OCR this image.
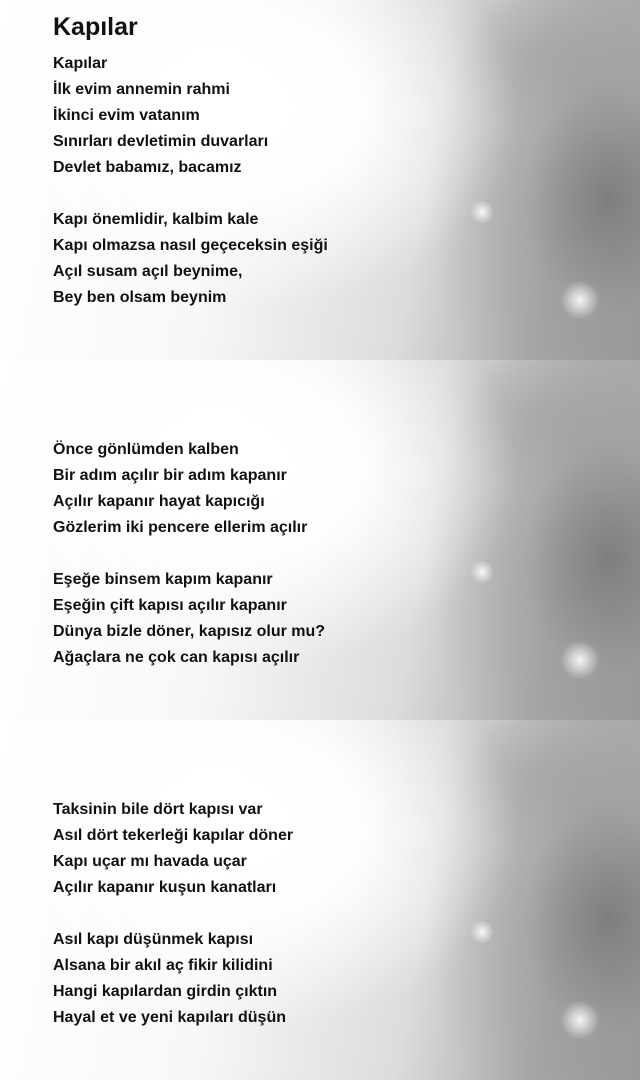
Kapılar
Kapılar
İlk evim annemin rahmi
İkinci evim vatanım
Sınırları devletimin duvarları
Devlet babamız, bacamız
Kapı önemlidir, kalbim kale
Kapı olmazsa nasıl geçeceksin eşiği
Açıl susam açıl beynime,
Bey ben olsam beynim
Önce gönlümden kalben
Bir adım açılır bir adım kapanır
Açılır kapanır hayat kapıcığı
Gözlerim iki pencere ellerim açılır
Eşeğe binsem kapım kapanır
Eşeğin çift kapısı açılır kapanır
Dünya bizle döner, kapısız olur mu?
Ağaçlara ne çok can kapısı açılır
Taksinin bile dört kapısı var
Asıl dört tekerleği kapılar döner
Kapı uçar mı havada uçar
Açılır kapanır kuşun kanatları
Asıl kapı düşünmek kapısı
Alsana bir akıl aç fikir kilidini
Hangi kapılardan girdin çıktın
Hayal et ve yeni kapıları düşün
